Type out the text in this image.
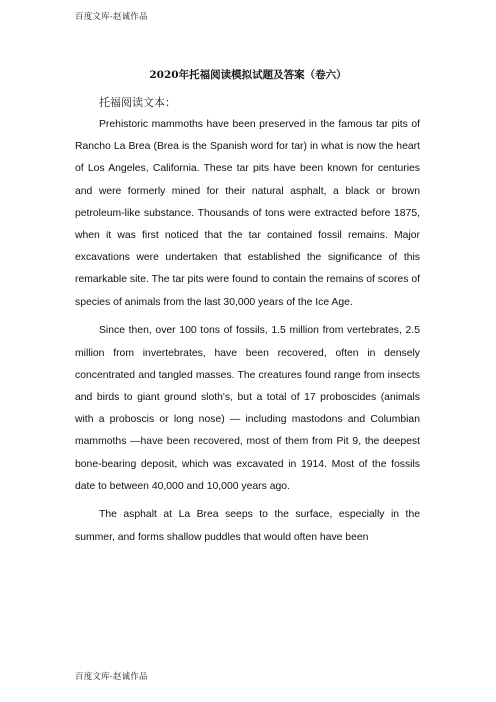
百度文库-赵诚作品
2020年托福阅读模拟试题及答案（卷六）
托福阅读文本：

Prehistoric mammoths have been preserved in the famous tar pits of Rancho La Brea (Brea is the Spanish word for tar) in what is now the heart of Los Angeles, California. These tar pits have been known for centuries and were formerly mined for their natural asphalt, a black or brown petroleum-like substance. Thousands of tons were extracted before 1875, when it was first noticed that the tar contained fossil remains. Major excavations were undertaken that established the significance of this remarkable site. The tar pits were found to contain the remains of scores of species of animals from the last 30,000 years of the Ice Age.

Since then, over 100 tons of fossils, 1.5 million from vertebrates, 2.5 million from invertebrates, have been recovered, often in densely concentrated and tangled masses. The creatures found range from insects and birds to giant ground sloth's, but a total of 17 proboscides (animals with a proboscis or long nose) — including mastodons and Columbian mammoths —have been recovered, most of them from Pit 9, the deepest bone-bearing deposit, which was excavated in 1914. Most of the fossils date to between 40,000 and 10,000 years ago.

The asphalt at La Brea seeps to the surface, especially in the summer, and forms shallow puddles that would often have been

百度文库-赵诚作品
